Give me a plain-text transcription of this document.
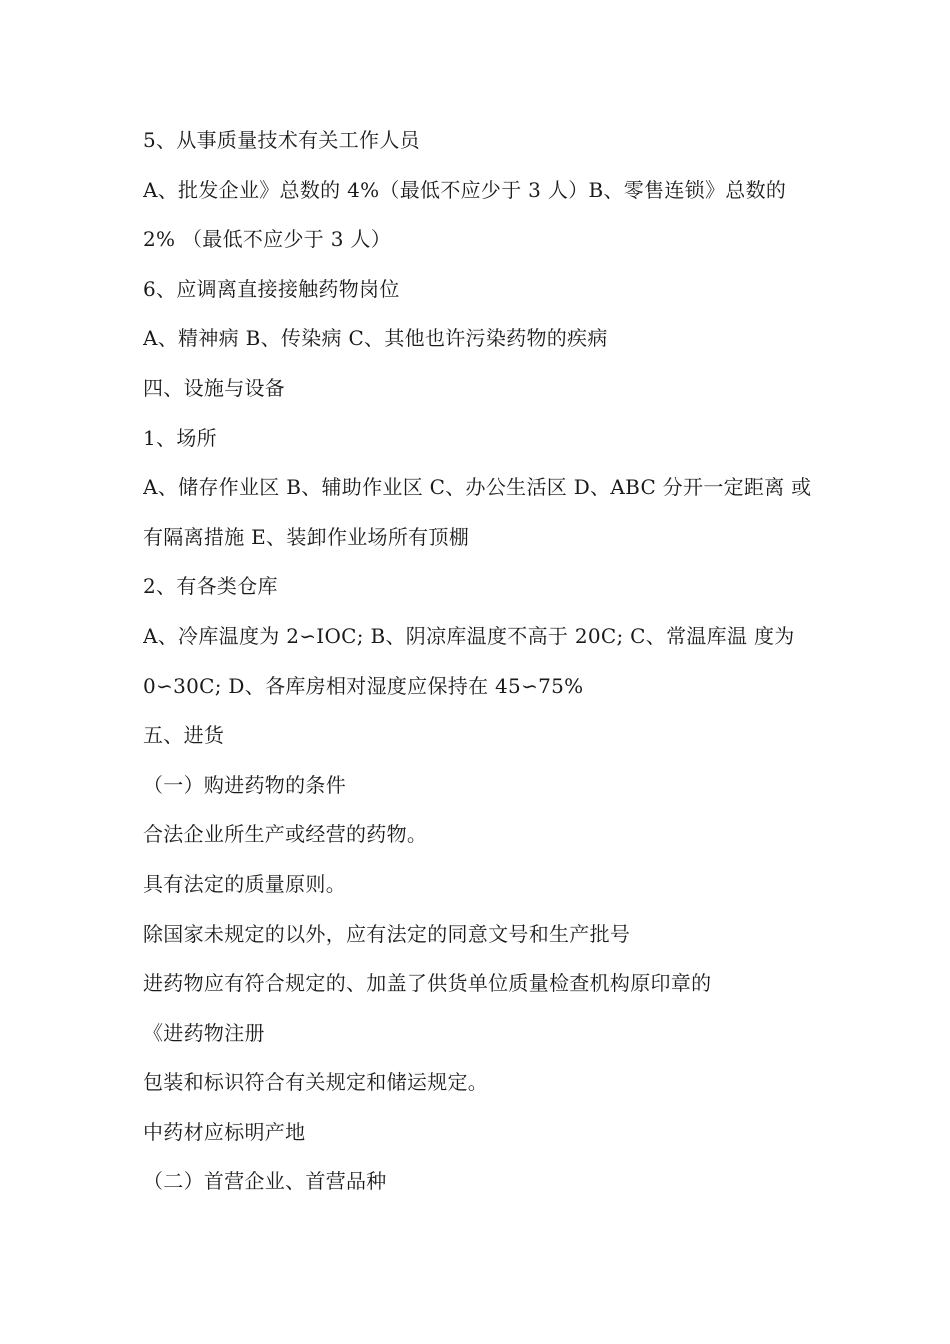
5、从事质量技术有关工作人员
A、批发企业》总数的 4%（最低不应少于 3 人）B、零售连锁》总数的
2% （最低不应少于 3 人）
6、应调离直接接触药物岗位
A、精神病 B、传染病 C、其他也许污染药物的疾病
四、设施与设备
1、场所
A、储存作业区 B、辅助作业区 C、办公生活区 D、ABC 分开一定距离 或
有隔离措施 E、装卸作业场所有顶棚
2、有各类仓库
A、冷库温度为 2∽IOC; B、阴凉库温度不高于 20C; C、常温库温 度为
0∽30C; D、各库房相对湿度应保持在 45∽75%
五、进货
（一）购进药物的条件
合法企业所生产或经营的药物。
具有法定的质量原则。
除国家未规定的以外，应有法定的同意文号和生产批号
进药物应有符合规定的、加盖了供货单位质量检查机构原印章的
《进药物注册
包装和标识符合有关规定和储运规定。
中药材应标明产地
（二）首营企业、首营品种
